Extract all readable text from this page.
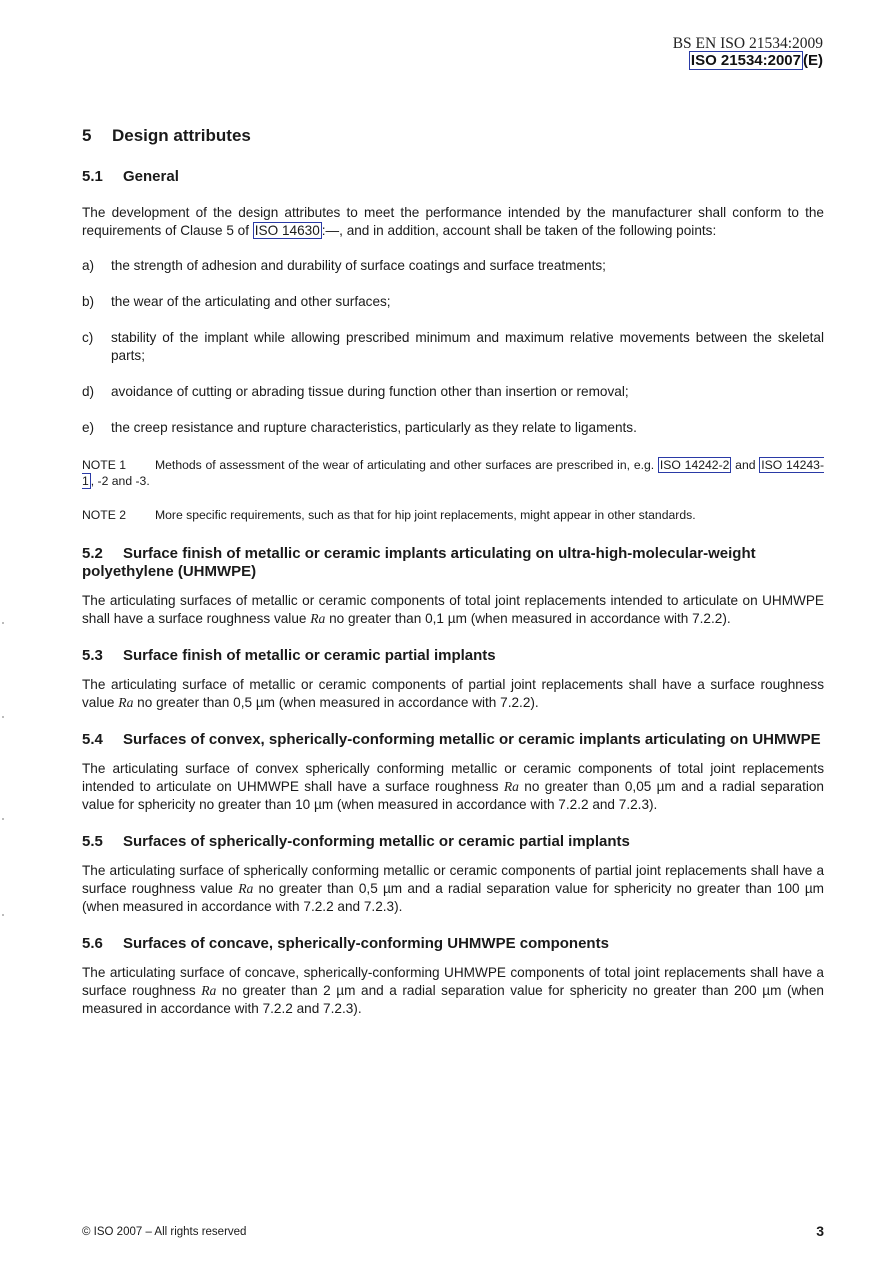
BS EN ISO 21534:2009
ISO 21534:2007 (E)
5 Design attributes
5.1 General

The development of the design attributes to meet the performance intended by the manufacturer shall conform to the requirements of Clause 5 of ISO 14630 :—, and in addition, account shall be taken of the following points:

a)	the strength of adhesion and durability of surface coatings and surface treatments;
b)	the wear of the articulating and other surfaces;
c)	stability of the implant while allowing prescribed minimum and maximum relative movements between the skeletal parts;
d)	avoidance of cutting or abrading tissue during function other than insertion or removal;
e)	the creep resistance and rupture characteristics, particularly as they relate to ligaments.
NOTE 1 Methods of assessment of the wear of articulating and other surfaces are prescribed in, e.g. ISO 14242-2 and ISO 14243-1 , -2 and -3.
NOTE 2 More specific requirements, such as that for hip joint replacements, might appear in other standards.
5.2 Surface finish of metallic or ceramic implants articulating on ultra-high-molecular-weight polyethylene (UHMWPE)

The articulating surfaces of metallic or ceramic components of total joint replacements intended to articulate on UHMWPE shall have a surface roughness value Ra no greater than 0,1 µm (when measured in accordance with 7.2.2).

5.3 Surface finish of metallic or ceramic partial implants

The articulating surface of metallic or ceramic components of partial joint replacements shall have a surface roughness value Ra no greater than 0,5 µm (when measured in accordance with 7.2.2).

5.4 Surfaces of convex, spherically-conforming metallic or ceramic implants articulating on UHMWPE

The articulating surface of convex spherically conforming metallic or ceramic components of total joint replacements intended to articulate on UHMWPE shall have a surface roughness Ra no greater than 0,05 µm and a radial separation value for sphericity no greater than 10 µm (when measured in accordance with 7.2.2 and 7.2.3).

5.5 Surfaces of spherically-conforming metallic or ceramic partial implants

The articulating surface of spherically conforming metallic or ceramic components of partial joint replacements shall have a surface roughness value Ra no greater than 0,5 µm and a radial separation value for sphericity no greater than 100 µm (when measured in accordance with 7.2.2 and 7.2.3).

5.6 Surfaces of concave, spherically-conforming UHMWPE components

The articulating surface of concave, spherically-conforming UHMWPE components of total joint replacements shall have a surface roughness Ra no greater than 2 µm and a radial separation value for sphericity no greater than 200 µm (when measured in accordance with 7.2.2 and 7.2.3).

© ISO 2007 – All rights reserved	3
